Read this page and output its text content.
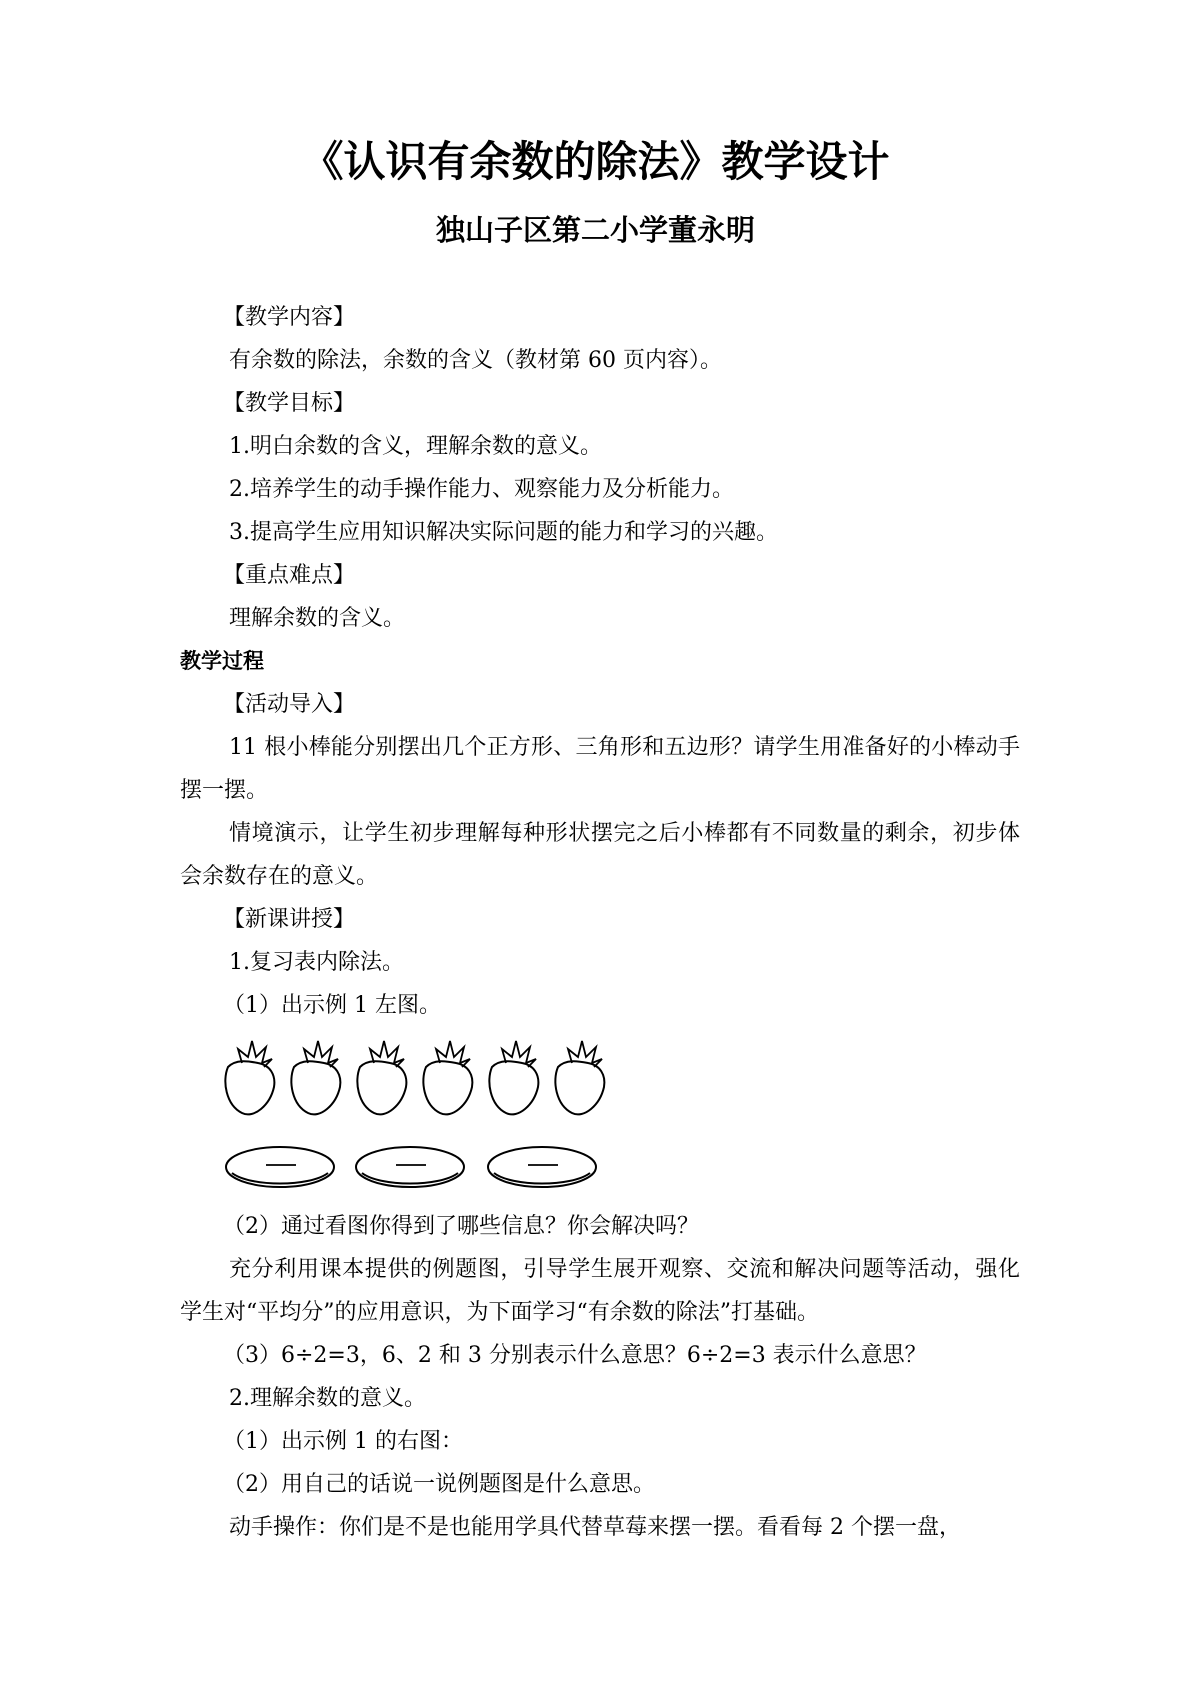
《认识有余数的除法》教学设计
独山子区第二小学董永明

【教学内容】

有余数的除法，余数的含义（教材第 60 页内容）。

【教学目标】

1.明白余数的含义，理解余数的意义。

2.培养学生的动手操作能力、观察能力及分析能力。

3.提高学生应用知识解决实际问题的能力和学习的兴趣。

【重点难点】

理解余数的含义。

教学过程

【活动导入】

11 根小棒能分别摆出几个正方形、三角形和五边形？请学生用准备好的小棒动手摆一摆。

情境演示，让学生初步理解每种形状摆完之后小棒都有不同数量的剩余，初步体会余数存在的意义。

【新课讲授】

1.复习表内除法。

（1）出示例 1 左图。

（2）通过看图你得到了哪些信息？你会解决吗？

充分利用课本提供的例题图，引导学生展开观察、交流和解决问题等活动，强化学生对“平均分”的应用意识，为下面学习“有余数的除法”打基础。

（3）6÷2=3，6、2 和 3 分别表示什么意思？6÷2=3 表示什么意思？

2.理解余数的意义。

（1）出示例 1 的右图：

（2）用自己的话说一说例题图是什么意思。

动手操作：你们是不是也能用学具代替草莓来摆一摆。看看每 2 个摆一盘，
